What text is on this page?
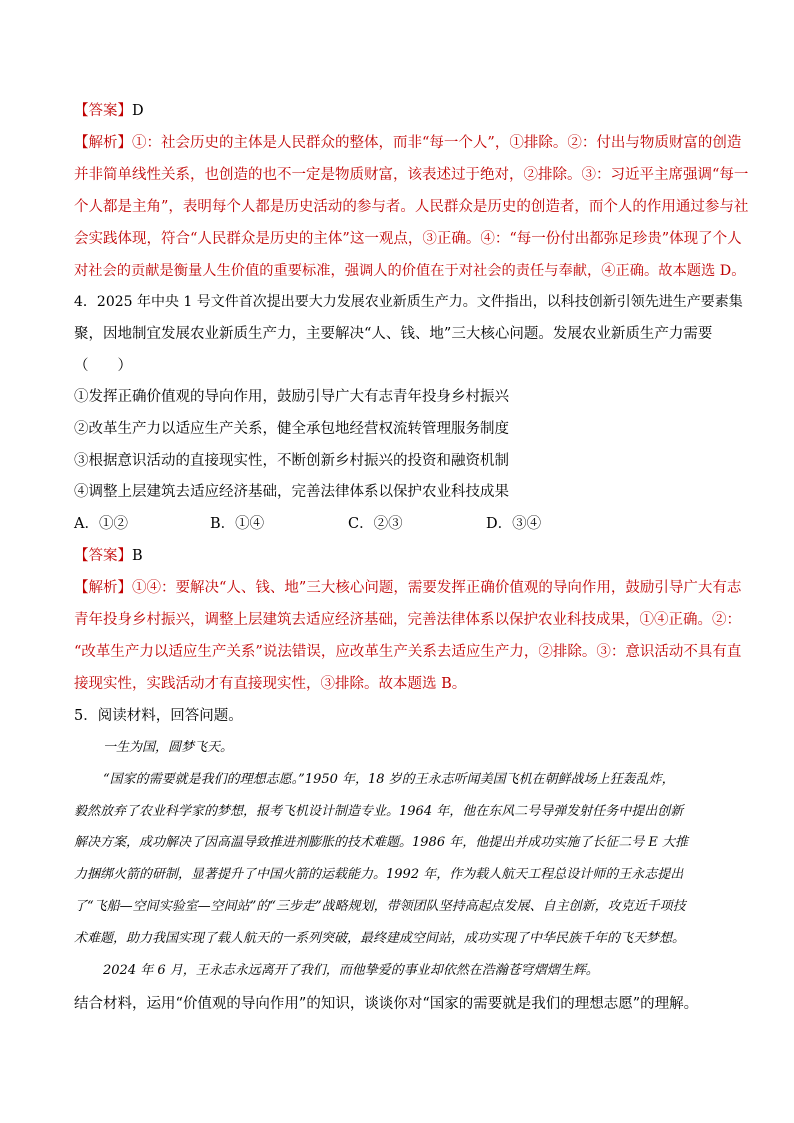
【答案】D
【解析】①：社会历史的主体是人民群众的整体，而非“每一个人”，①排除。②：付出与物质财富的创造
并非简单线性关系，也创造的也不一定是物质财富，该表述过于绝对，②排除。③：习近平主席强调“每一
个人都是主角”，表明每个人都是历史活动的参与者。人民群众是历史的创造者，而个人的作用通过参与社
会实践体现，符合“人民群众是历史的主体”这一观点，③正确。④：“每一份付出都弥足珍贵”体现了个人
对社会的贡献是衡量人生价值的重要标准，强调人的价值在于对社会的责任与奉献，④正确。故本题选 D。
4．2025 年中央 1 号文件首次提出要大力发展农业新质生产力。文件指出，以科技创新引领先进生产要素集
聚，因地制宜发展农业新质生产力，主要解决“人、钱、地”三大核心问题。发展农业新质生产力需要
（　　）
①发挥正确价值观的导向作用，鼓励引导广大有志青年投身乡村振兴
②改革生产力以适应生产关系，健全承包地经营权流转管理服务制度
③根据意识活动的直接现实性，不断创新乡村振兴的投资和融资机制
④调整上层建筑去适应经济基础，完善法律体系以保护农业科技成果
A．①②	B．①④	C．②③	D．③④
【答案】B
【解析】①④：要解决“人、钱、地”三大核心问题，需要发挥正确价值观的导向作用，鼓励引导广大有志
青年投身乡村振兴，调整上层建筑去适应经济基础，完善法律体系以保护农业科技成果，①④正确。②：
“改革生产力以适应生产关系”说法错误，应改革生产关系去适应生产力，②排除。③：意识活动不具有直
接现实性，实践活动才有直接现实性，③排除。故本题选 B。
5．阅读材料，回答问题。
一生为国，圆梦飞天。
“国家的需要就是我们的理想志愿。”1950 年，18 岁的王永志听闻美国飞机在朝鲜战场上狂轰乱炸，
毅然放弃了农业科学家的梦想，报考飞机设计制造专业。1964 年，他在东风二号导弹发射任务中提出创新
解决方案，成功解决了因高温导致推进剂膨胀的技术难题。1986 年，他提出并成功实施了长征二号 E 大推
力捆绑火箭的研制，显著提升了中国火箭的运载能力。1992 年，作为载人航天工程总设计师的王永志提出
了“飞船—空间实验室—空间站”的“三步走”战略规划，带领团队坚持高起点发展、自主创新，攻克近千项技
术难题，助力我国实现了载人航天的一系列突破，最终建成空间站，成功实现了中华民族千年的飞天梦想。
2024 年 6 月，王永志永远离开了我们，而他挚爱的事业却依然在浩瀚苍穹熠熠生辉。
结合材料，运用“价值观的导向作用”的知识，谈谈你对“国家的需要就是我们的理想志愿”的理解。
